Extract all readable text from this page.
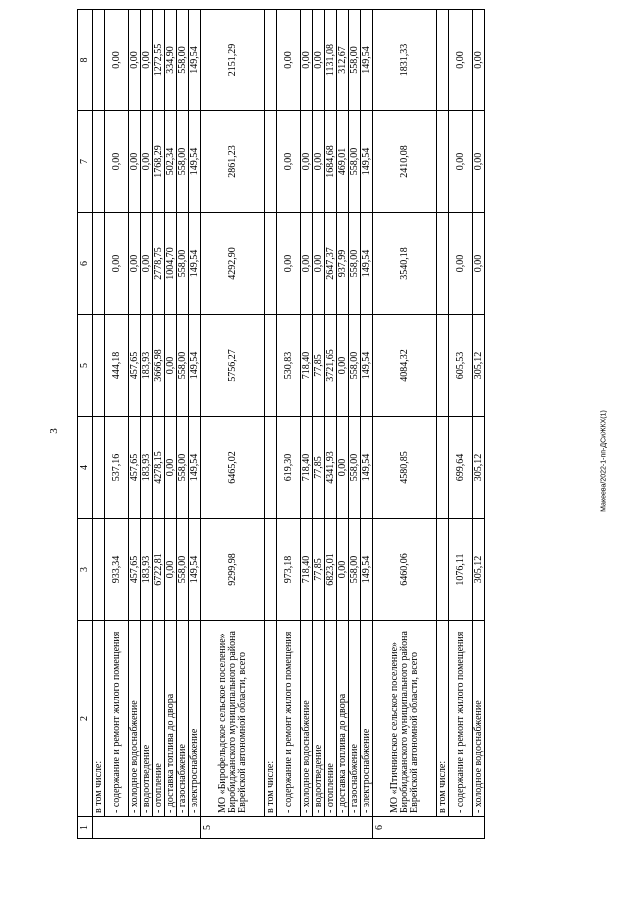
3	Макеева/2022-1-пп-ДСиЖКХ(1)
1	2	3	4	5	6	7	8
	в том числе:						
	- содержание и ремонт жилого помещения	933,34	537,16	444,18	0,00	0,00	0,00
	- холодное водоснабжение	457,65	457,65	457,65	0,00	0,00	0,00
	- водоотведение	183,93	183,93	183,93	0,00	0,00	0,00
	- отопление	6722,81	4278,15	3666,98	2778,75	1768,29	1272,55
	- доставка топлива до двора	0,00	0,00	0,00	1004,70	502,34	334,90
	- газоснабжение	558,00	558,00	558,00	558,00	558,00	558,00
	- электроснабжение	149,54	149,54	149,54	149,54	149,54	149,54
5	МО «Бирофельдское сельское поселение» Биробиджанского муниципального района Еврейской автономной области, всего	9299,98	6465,02	5756,27	4292,90	2861,23	2151,29
	в том числе:						
	- содержание и ремонт жилого помещения	973,18	619,30	530,83	0,00	0,00	0,00
	- холодное водоснабжение	718,40	718,40	718,40	0,00	0,00	0,00
	- водоотведение	77,85	77,85	77,85	0,00	0,00	0,00
	- отопление	6823,01	4341,93	3721,65	2647,37	1684,68	1131,08
	- доставка топлива до двора	0,00	0,00	0,00	937,99	469,01	312,67
	- газоснабжение	558,00	558,00	558,00	558,00	558,00	558,00
	- электроснабжение	149,54	149,54	149,54	149,54	149,54	149,54
6	МО «Птичнинское сельское поселение» Биробиджанского муниципального района Еврейской автономной области, всего	6460,06	4580,85	4084,32	3540,18	2410,08	1831,33
	в том числе:						
	- содержание и ремонт жилого помещения	1076,11	699,64	605,53	0,00	0,00	0,00
	- холодное водоснабжение	305,12	305,12	305,12	0,00	0,00	0,00
